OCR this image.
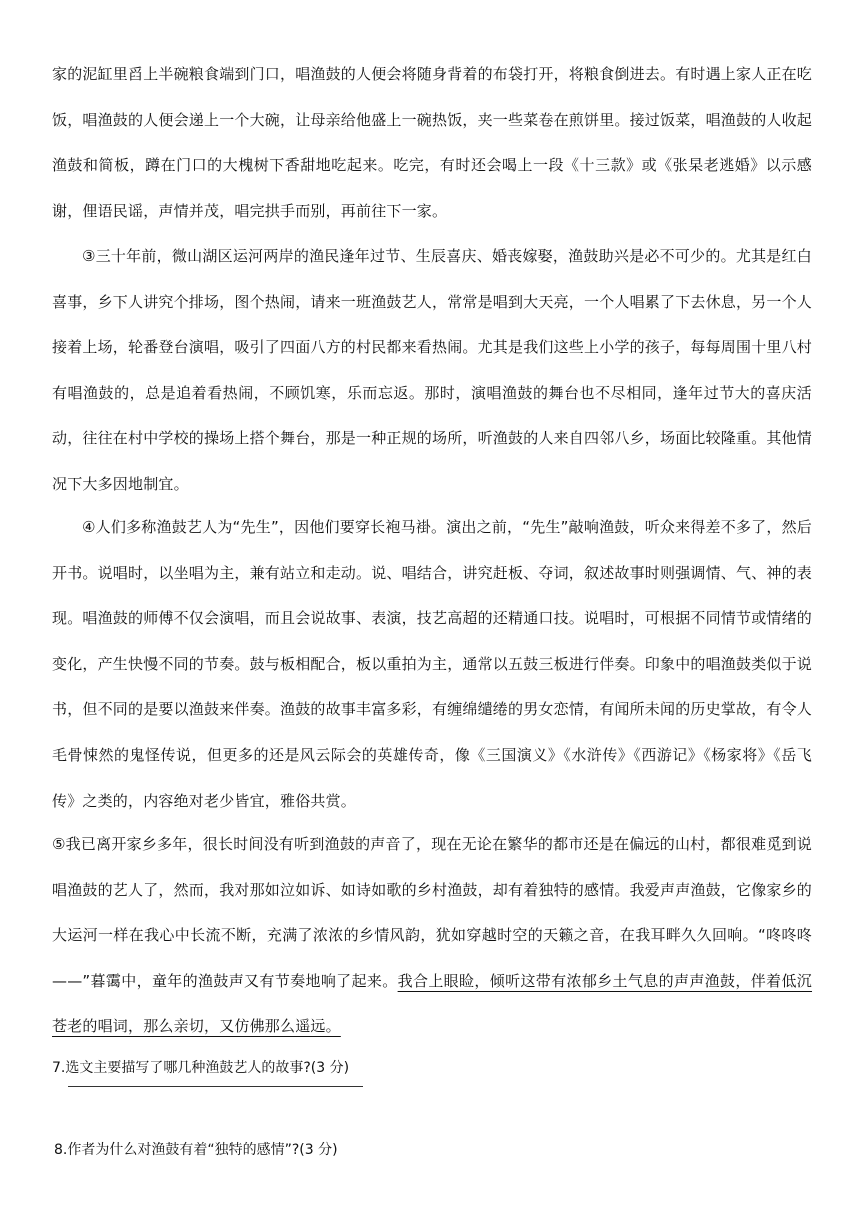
家的泥缸里舀上半碗粮食端到门口，唱渔鼓的人便会将随身背着的布袋打开，将粮食倒进去。有时遇上家人正在吃饭，唱渔鼓的人便会递上一个大碗，让母亲给他盛上一碗热饭，夹一些菜卷在煎饼里。接过饭菜，唱渔鼓的人收起渔鼓和简板，蹲在门口的大槐树下香甜地吃起来。吃完，有时还会喝上一段《十三款》或《张杲老逃婚》以示感谢，俚语民谣，声情并茂，唱完拱手而别，再前往下一家。

③三十年前，微山湖区运河两岸的渔民逢年过节、生辰喜庆、婚丧嫁娶，渔鼓助兴是必不可少的。尤其是红白喜事，乡下人讲究个排场，图个热闹，请来一班渔鼓艺人，常常是唱到大天亮，一个人唱累了下去休息，另一个人接着上场，轮番登台演唱，吸引了四面八方的村民都来看热闹。尤其是我们这些上小学的孩子，每每周围十里八村有唱渔鼓的，总是追着看热闹，不顾饥寒，乐而忘返。那时，演唱渔鼓的舞台也不尽相同，逢年过节大的喜庆活动，往往在村中学校的操场上搭个舞台，那是一种正规的场所，听渔鼓的人来自四邻八乡，场面比较隆重。其他情况下大多因地制宜。

④人们多称渔鼓艺人为“先生”，因他们要穿长袍马褂。演出之前，“先生”敲响渔鼓，听众来得差不多了，然后开书。说唱时，以坐唱为主，兼有站立和走动。说、唱结合，讲究赶板、夺词，叙述故事时则强调情、气、神的表现。唱渔鼓的师傅不仅会演唱，而且会说故事、表演，技艺高超的还精通口技。说唱时，可根据不同情节或情绪的变化，产生快慢不同的节奏。鼓与板相配合，板以重拍为主，通常以五鼓三板进行伴奏。印象中的唱渔鼓类似于说书，但不同的是要以渔鼓来伴奏。渔鼓的故事丰富多彩，有缠绵缱绻的男女恋情，有闻所未闻的历史掌故，有令人毛骨悚然的鬼怪传说，但更多的还是风云际会的英雄传奇，像《三国演义》《水浒传》《西游记》《杨家将》《岳飞传》之类的，内容绝对老少皆宜，雅俗共赏。

⑤我已离开家乡多年，很长时间没有听到渔鼓的声音了，现在无论在繁华的都市还是在偏远的山村，都很难觅到说唱渔鼓的艺人了，然而，我对那如泣如诉、如诗如歌的乡村渔鼓，却有着独特的感情。我爱声声渔鼓，它像家乡的大运河一样在我心中长流不断，充满了浓浓的乡情风韵，犹如穿越时空的天籁之音，在我耳畔久久回响。“咚咚咚——”暮霭中，童年的渔鼓声又有节奏地响了起来。我合上眼睑，倾听这带有浓郁乡土气息的声声渔鼓，伴着低沉苍老的唱词，那么亲切，又仿佛那么遥远。

7.选文主要描写了哪几种渔鼓艺人的故事?(3 分)

8.作者为什么对渔鼓有着“独特的感情”?(3 分)
